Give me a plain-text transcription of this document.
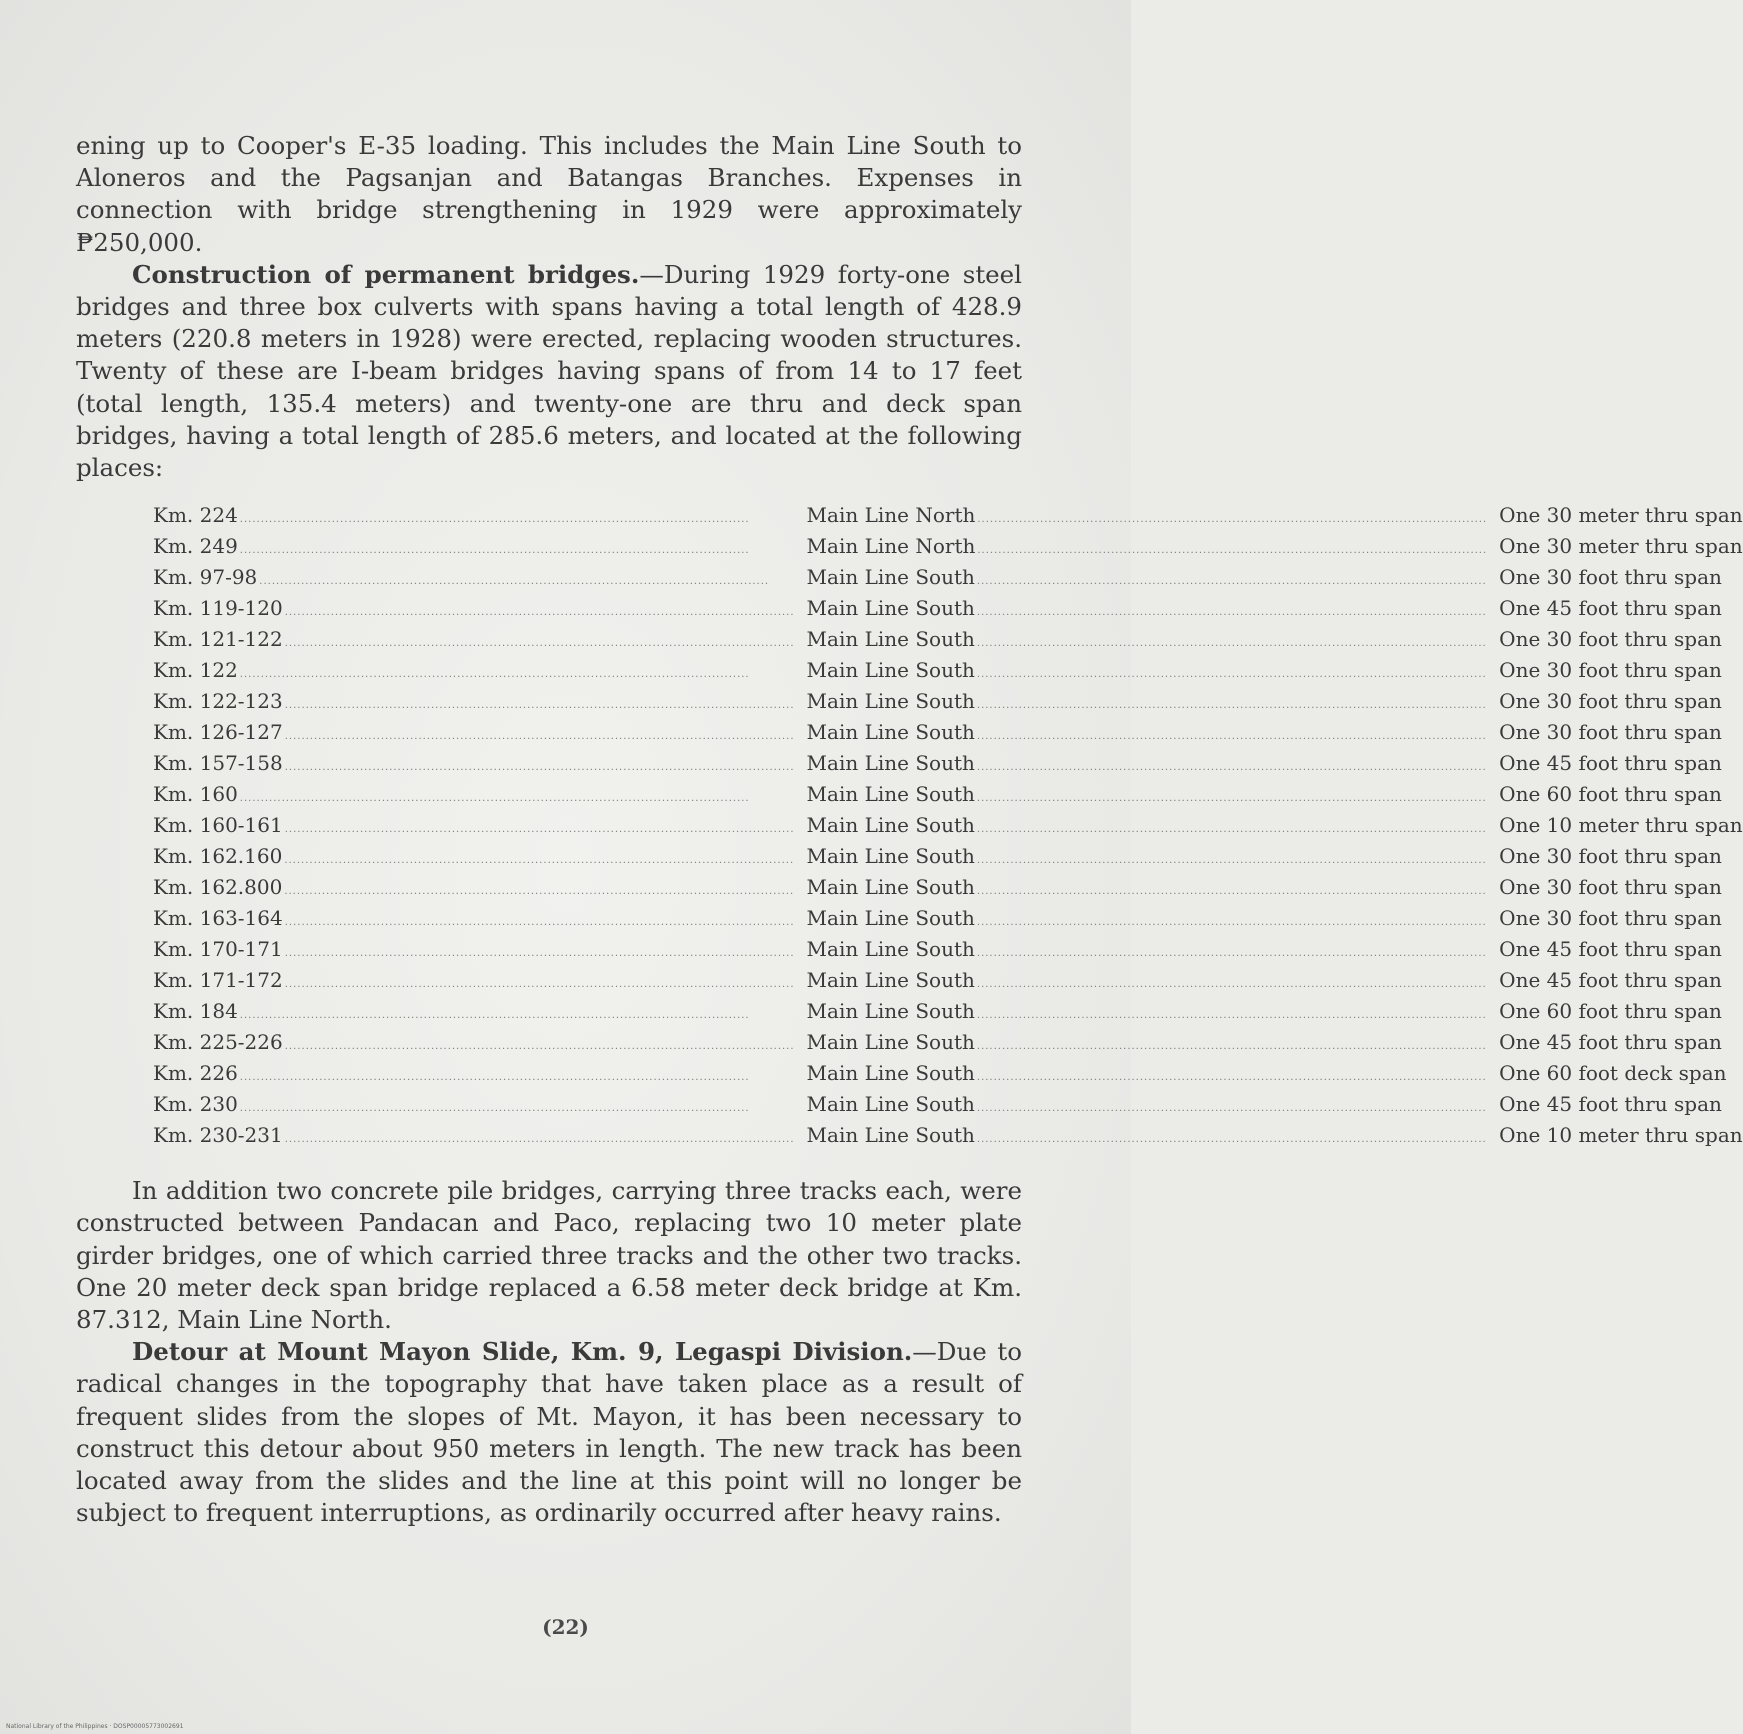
ening up to Cooper's E-35 loading. This includes the Main Line South to Aloneros and the Pagsanjan and Batangas Branches. Expenses in connection with bridge strengthening in 1929 were approximately ₱250,000.

Construction of permanent bridges.—During 1929 forty-one steel bridges and three box culverts with spans having a total length of 428.9 meters (220.8 meters in 1928) were erected, replacing wooden structures. Twenty of these are I-beam bridges having spans of from 14 to 17 feet (total length, 135.4 meters) and twenty-one are thru and deck span bridges, having a total length of 285.6 meters, and located at the following places:

Km. 224
.....	Main Line North
.....	One 30 meter thru span

Km. 249
.....	Main Line North
.....	One 30 meter thru span

Km. 97-98
.....	Main Line South
.....	One 30 foot thru span

Km. 119-120
.....	Main Line South
.....	One 45 foot thru span

Km. 121-122
.....	Main Line South
.....	One 30 foot thru span

Km. 122
.....	Main Line South
.....	One 30 foot thru span

Km. 122-123
.....	Main Line South
.....	One 30 foot thru span

Km. 126-127
.....	Main Line South
.....	One 30 foot thru span

Km. 157-158
.....	Main Line South
.....	One 45 foot thru span

Km. 160
.....	Main Line South
.....	One 60 foot thru span

Km. 160-161
.....	Main Line South
.....	One 10 meter thru span

Km. 162.160
.....	Main Line South
.....	One 30 foot thru span

Km. 162.800
.....	Main Line South
.....	One 30 foot thru span

Km. 163-164
.....	Main Line South
.....	One 30 foot thru span

Km. 170-171
.....	Main Line South
.....	One 45 foot thru span

Km. 171-172
.....	Main Line South
.....	One 45 foot thru span

Km. 184
.....	Main Line South
.....	One 60 foot thru span

Km. 225-226
.....	Main Line South
.....	One 45 foot thru span

Km. 226
.....	Main Line South
.....	One 60 foot deck span

Km. 230
.....	Main Line South
.....	One 45 foot thru span

Km. 230-231
.....	Main Line South
.....	One 10 meter thru span

In addition two concrete pile bridges, carrying three tracks each, were constructed between Pandacan and Paco, replacing two 10 meter plate girder bridges, one of which carried three tracks and the other two tracks. One 20 meter deck span bridge replaced a 6.58 meter deck bridge at Km. 87.312, Main Line North.

Detour at Mount Mayon Slide, Km. 9, Legaspi Division.—Due to radical changes in the topography that have taken place as a result of frequent slides from the slopes of Mt. Mayon, it has been necessary to construct this detour about 950 meters in length. The new track has been located away from the slides and the line at this point will no longer be subject to frequent interruptions, as ordinarily occurred after heavy rains.

(22)
National Library of the Philippines · DOSP00005773002691
